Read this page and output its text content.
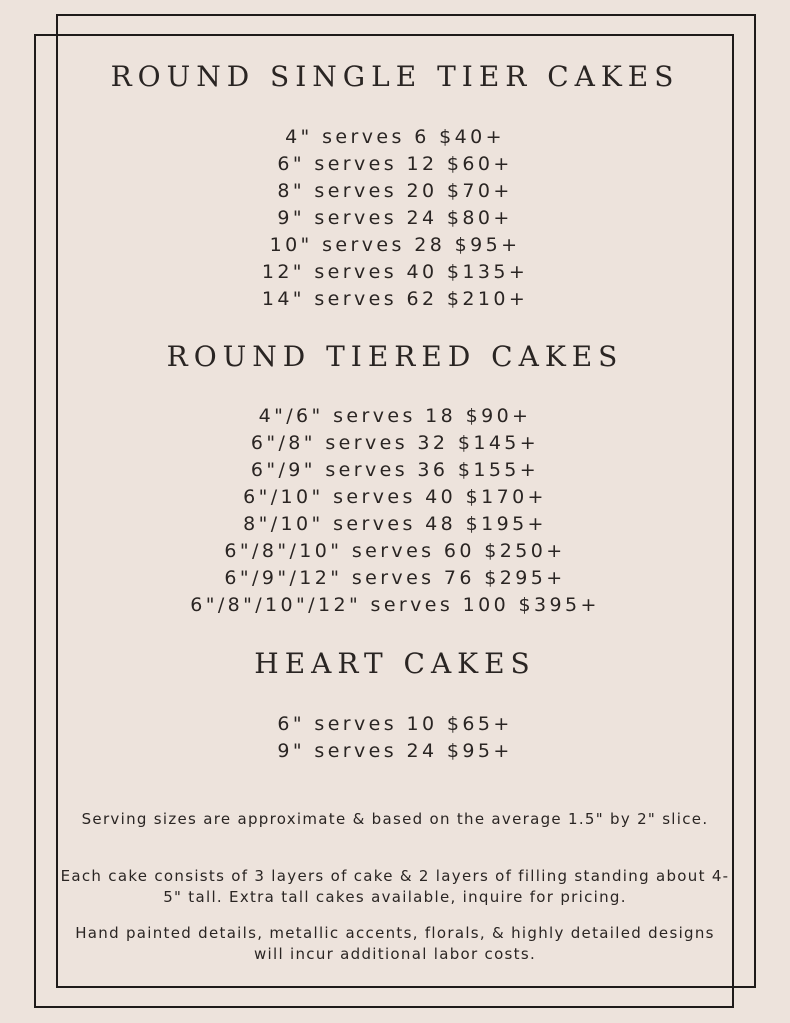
ROUND SINGLE TIER CAKES
4" serves 6 $40+
6" serves 12 $60+
8" serves 20 $70+
9" serves 24 $80+
10" serves 28 $95+
12" serves 40 $135+
14" serves 62 $210+
ROUND TIERED CAKES
4"/6" serves 18 $90+
6"/8" serves 32 $145+
6"/9" serves 36 $155+
6"/10" serves 40 $170+
8"/10" serves 48 $195+
6"/8"/10" serves 60 $250+
6"/9"/12" serves 76 $295+
6"/8"/10"/12" serves 100 $395+
HEART CAKES
6" serves 10 $65+
9" serves 24 $95+

Serving sizes are approximate & based on the average 1.5" by 2" slice.

Each cake consists of 3 layers of cake & 2 layers of filling standing about 4-5" tall. Extra tall cakes available, inquire for pricing.

Hand painted details, metallic accents, florals, & highly detailed designs will incur additional labor costs.
